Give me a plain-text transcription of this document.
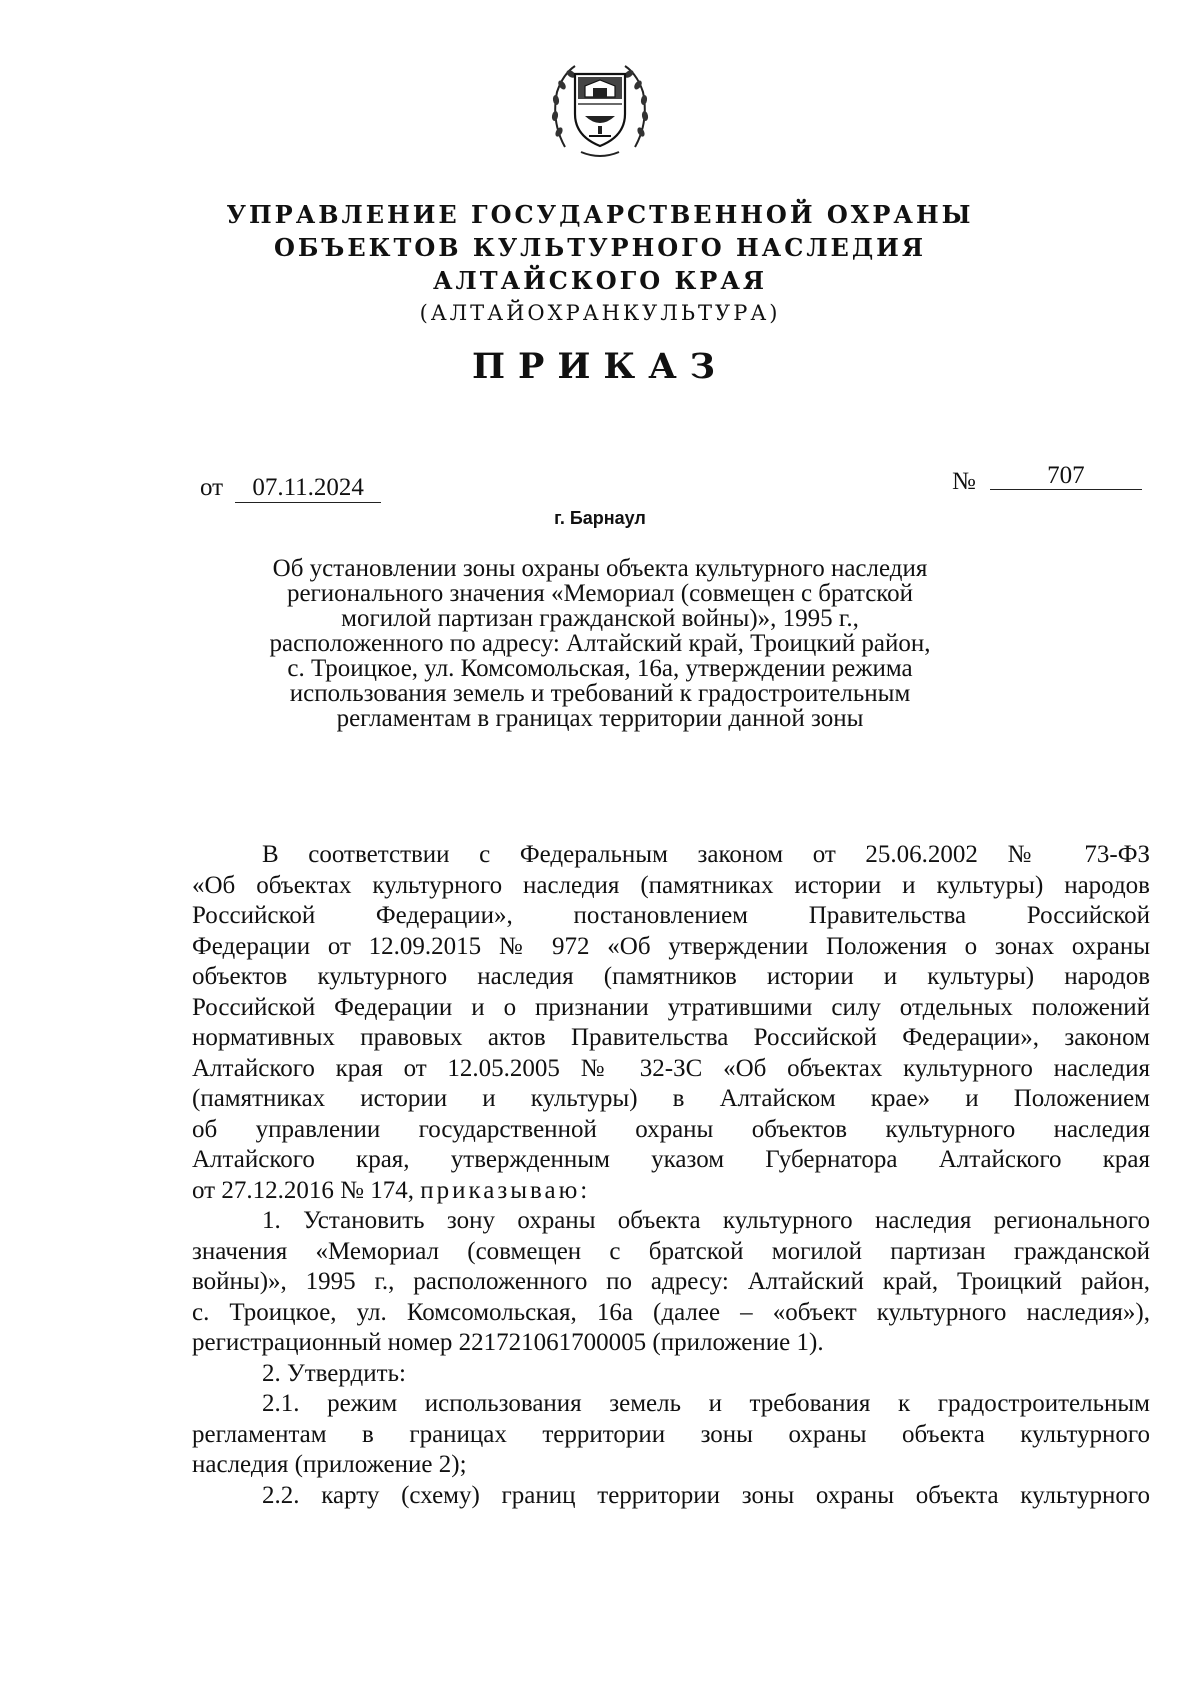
УПРАВЛЕНИЕ ГОСУДАРСТВЕННОЙ ОХРАНЫ

ОБЪЕКТОВ КУЛЬТУРНОГО НАСЛЕДИЯ

АЛТАЙСКОГО КРАЯ

(АЛТАЙОХРАНКУЛЬТУРА)

ПРИКАЗ
от 07.11.2024	№	707
г. Барнаул

Об установлении зоны охраны объекта культурного наследия

регионального значения «Мемориал (совмещен с братской

могилой партизан гражданской войны)», 1995 г.,

расположенного по адресу: Алтайский край, Троицкий район,

с. Троицкое, ул. Комсомольская, 16а, утверждении режима

использования земель и требований к градостроительным

регламентам в границах территории данной зоны

В соответствии с Федеральным законом от 25.06.2002 № 73-ФЗ
«Об объектах культурного наследия (памятниках истории и культуры) народов
Российской Федерации», постановлением Правительства Российской
Федерации от 12.09.2015 № 972 «Об утверждении Положения о зонах охраны
объектов культурного наследия (памятников истории и культуры) народов
Российской Федерации и о признании утратившими силу отдельных положений
нормативных правовых актов Правительства Российской Федерации», законом
Алтайского края от 12.05.2005 № 32-ЗС «Об объектах культурного наследия
(памятниках истории и культуры) в Алтайском крае» и Положением
об управлении государственной охраны объектов культурного наследия
Алтайского края, утвержденным указом Губернатора Алтайского края
от 27.12.2016 № 174, приказываю:

1. Установить зону охраны объекта культурного наследия регионального
значения «Мемориал (совмещен с братской могилой партизан гражданской
войны)», 1995 г., расположенного по адресу: Алтайский край, Троицкий район,
с. Троицкое, ул. Комсомольская, 16а (далее – «объект культурного наследия»),
регистрационный номер 221721061700005 (приложение 1).

2. Утвердить:

2.1. режим использования земель и требования к градостроительным
регламентам в границах территории зоны охраны объекта культурного
наследия (приложение 2);

2.2. карту (схему) границ территории зоны охраны объекта культурного
